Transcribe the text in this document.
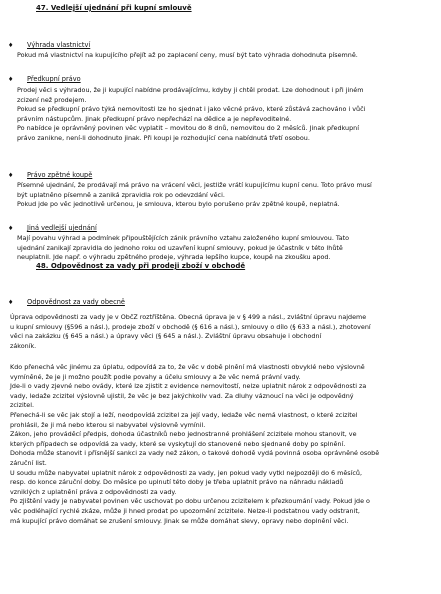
47. Vedlejší ujednání při kupní smlouvě
♦ Výhrada vlastnictví
Pokud má vlastnictví na kupujícího přejít až po zaplacení ceny, musí být tato výhrada dohodnuta písemně.
♦ Předkupní právo
Prodej věci s výhradou, že ji kupující nabídne prodávajícímu, kdyby ji chtěl prodat. Lze dohodnout i při jiném
zcizení než prodejem.
Pokud se předkupní právo týká nemovitosti lze ho sjednat i jako věcné právo, které zůstává zachováno i vůči
právním nástupcům. Jinak předkupní právo nepřechází na dědice a je nepřevoditelné.
Po nabídce je oprávněný povinen věc vyplatit – movitou do 8 dnů, nemovitou do 2 měsíců. Jinak předkupní
právo zanikne, není-li dohodnuto jinak. Při koupi je rozhodující cena nabídnutá třetí osobou.
♦ Právo zpětné koupě
Písemné ujednání, že prodávají má právo na vrácení věci, jestliže vrátí kupujícímu kupní cenu. Toto právo musí
být uplatněno písemně a zaniká zpravidla rok po odevzdání věci.
Pokud jde po věc jednotlivě určenou, je smlouva, kterou bylo porušeno práv zpětné koupě, neplatná.
♦ Jiná vedlejší ujednání
Mají povahu výhrad a podmínek připouštějících zánik právního vztahu založeného kupní smlouvou. Tato
ujednání zanikají zpravidla do jednoho roku od uzavření kupní smlouvy, pokud je účastník v této lhůtě
neuplatnil. Jde např. o výhradu zpětného prodeje, výhrada lepšího kupce, koupě na zkoušku apod.
48. Odpovědnost za vady při prodeji zboží v obchodě
♦ Odpovědnost za vady obecně
Úprava odpovědnosti za vady je v ObčZ roztříštěna. Obecná úprava je v § 499 a násl., zvláštní úpravu najdeme
u kupní smlouvy (§596 a násl.), prodeje zboží v obchodě (§ 616 a násl.), smlouvy o dílo (§ 633 a násl.), zhotovení
věci na zakázku (§ 645 a násl.) a úpravy věci (§ 645 a násl.). Zvláštní úpravu obsahuje i obchodní
zákoník.
Kdo přenechá věc jinému za úplatu, odpovídá za to, že věc v době plnění má vlastnosti obvyklé nebo výslovně
vymíněné, že je ji možno použít podle povahy a účelu smlouvy a že věc nemá právní vady.
Jde-li o vady zjevné nebo ovády, které lze zjistit z evidence nemovitostí, nelze uplatnit nárok z odpovědnosti za
vady, ledaže zcizitel výslovně ujistil, že věc je bez jakýchkoliv vad. Za dluhy váznoucí na věci je odpovědný
zcizitel.
Přenechá-li se věc jak stojí a leží, neodpovídá zcizitel za její vady, ledaže věc nemá vlastnost, o které zcizitel
prohlásil, že ji má nebo kterou si nabyvatel výslovně vymínil.
Zákon, jeho prováděcí předpis, dohoda účastníků nebo jednostranné prohlášení zcizitele mohou stanovit, ve
kterých případech se odpovídá za vady, které se vyskytují do stanovené nebo sjednané doby po splnění.
Dohoda může stanovit i přísnější sankci za vady než zákon, o takové dohodě vydá povinná osoba oprávněné osobě
záruční list.
U soudu může nabyvatel uplatnit nárok z odpovědnosti za vady, jen pokud vady vytkl nejpozději do 6 měsíců,
resp. do konce záruční doby. Do měsíce po uplnutí této doby je třeba uplatnit právo na náhradu nákladů
vzniklých z uplatnění práva z odpovědnosti za vady.
Po zjištění vady je nabyvatel povinen věc uschovat po dobu určenou zcizitelem k přezkoumání vady. Pokud jde o
věc podléhající rychlé zkáze, může ji hned prodat po upozornění zcizitele. Nelze-li podstatnou vady odstranit,
má kupující právo domáhat se zrušení smlouvy. Jinak se může domáhat slevy, opravy nebo doplnění věci.
